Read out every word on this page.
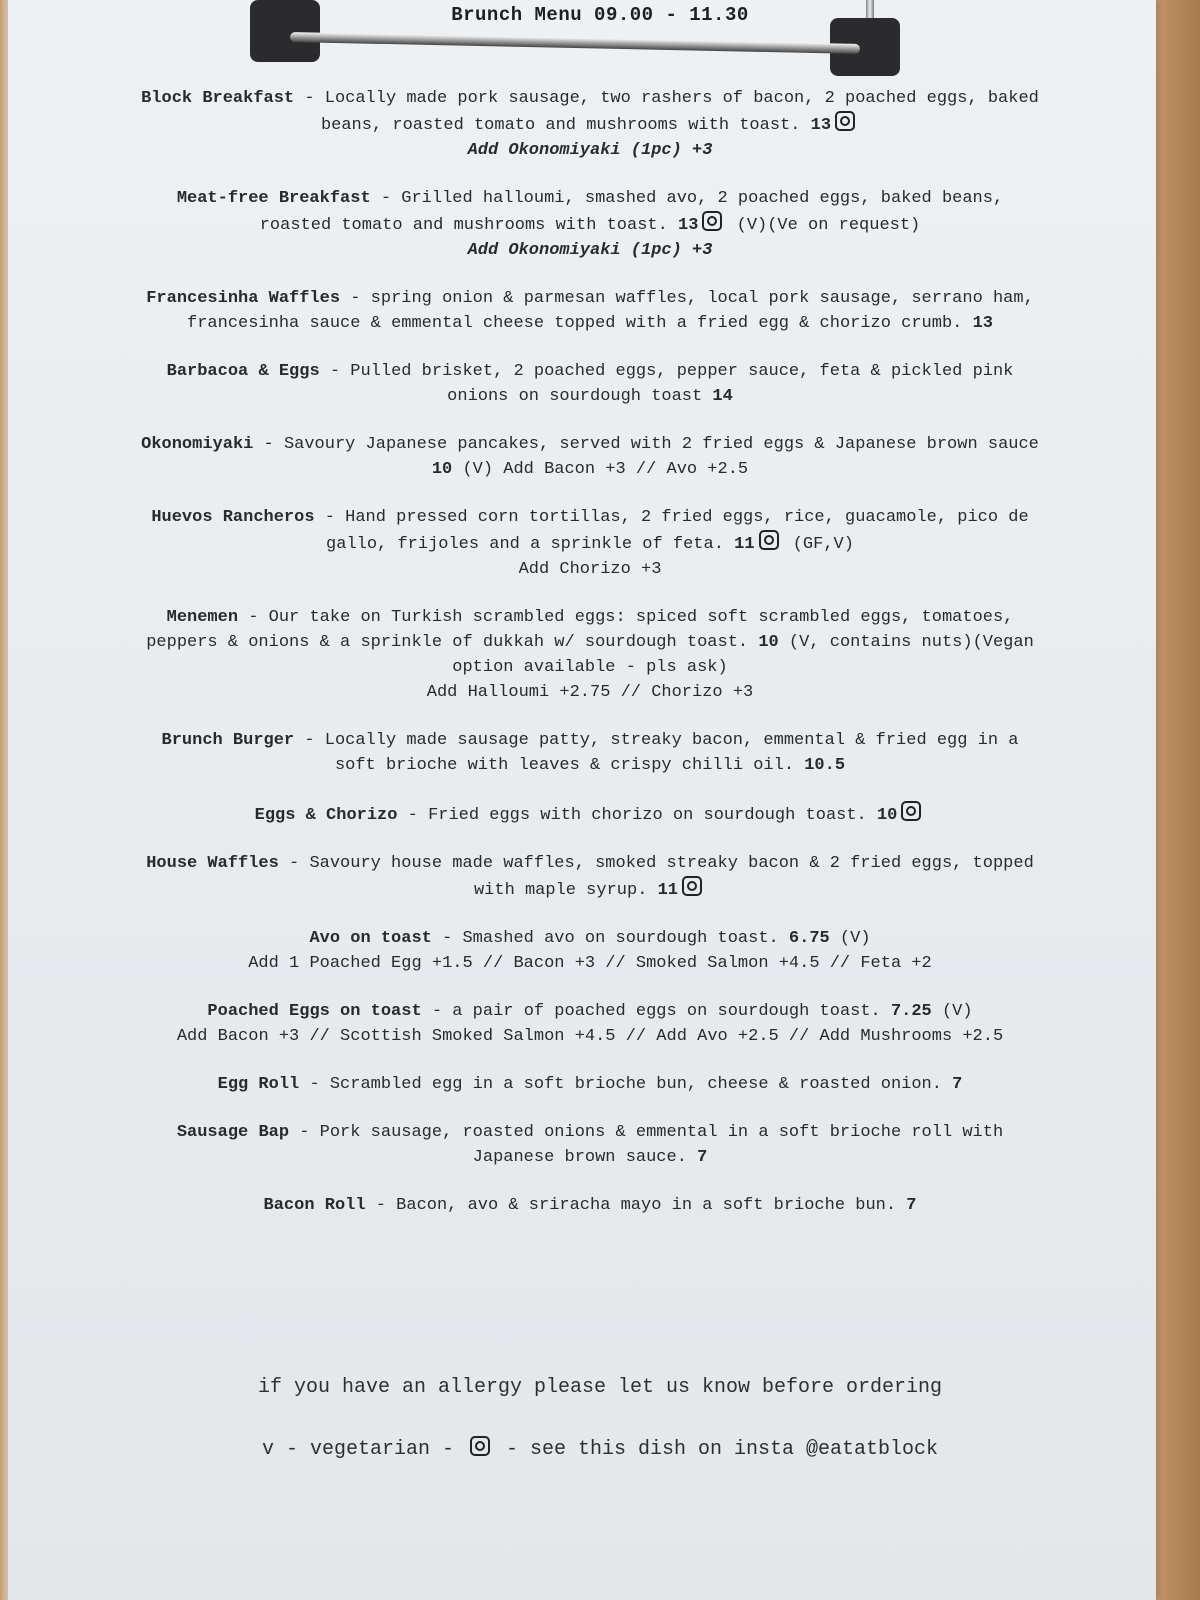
Brunch Menu 09.00 - 11.30
Block Breakfast - Locally made pork sausage, two rashers of bacon, 2 poached eggs, baked beans, roasted tomato and mushrooms with toast. 13
Add Okonomiyaki (1pc) +3
Meat-free Breakfast - Grilled halloumi, smashed avo, 2 poached eggs, baked beans, roasted tomato and mushrooms with toast. 13 (V)(Ve on request)
Add Okonomiyaki (1pc) +3
Francesinha Waffles - spring onion & parmesan waffles, local pork sausage, serrano ham, francesinha sauce & emmental cheese topped with a fried egg & chorizo crumb. 13
Barbacoa & Eggs - Pulled brisket, 2 poached eggs, pepper sauce, feta & pickled pink onions on sourdough toast 14
Okonomiyaki - Savoury Japanese pancakes, served with 2 fried eggs & Japanese brown sauce 10 (V) Add Bacon +3 // Avo +2.5
Huevos Rancheros - Hand pressed corn tortillas, 2 fried eggs, rice, guacamole, pico de gallo, frijoles and a sprinkle of feta. 11 (GF,V)
Add Chorizo +3
Menemen - Our take on Turkish scrambled eggs: spiced soft scrambled eggs, tomatoes, peppers & onions & a sprinkle of dukkah w/ sourdough toast. 10 (V, contains nuts)(Vegan option available - pls ask)
Add Halloumi +2.75 // Chorizo +3
Brunch Burger - Locally made sausage patty, streaky bacon, emmental & fried egg in a soft brioche with leaves & crispy chilli oil. 10.5
Eggs & Chorizo - Fried eggs with chorizo on sourdough toast. 10
House Waffles - Savoury house made waffles, smoked streaky bacon & 2 fried eggs, topped with maple syrup. 11
Avo on toast - Smashed avo on sourdough toast. 6.75 (V)
Add 1 Poached Egg +1.5 // Bacon +3 // Smoked Salmon +4.5 // Feta +2
Poached Eggs on toast - a pair of poached eggs on sourdough toast. 7.25 (V)
Add Bacon +3 // Scottish Smoked Salmon +4.5 // Add Avo +2.5 // Add Mushrooms +2.5
Egg Roll - Scrambled egg in a soft brioche bun, cheese & roasted onion. 7
Sausage Bap - Pork sausage, roasted onions & emmental in a soft brioche roll with Japanese brown sauce. 7
Bacon Roll - Bacon, avo & sriracha mayo in a soft brioche bun. 7
if you have an allergy please let us know before ordering
v - vegetarian -  - see this dish on insta @eatatblock
